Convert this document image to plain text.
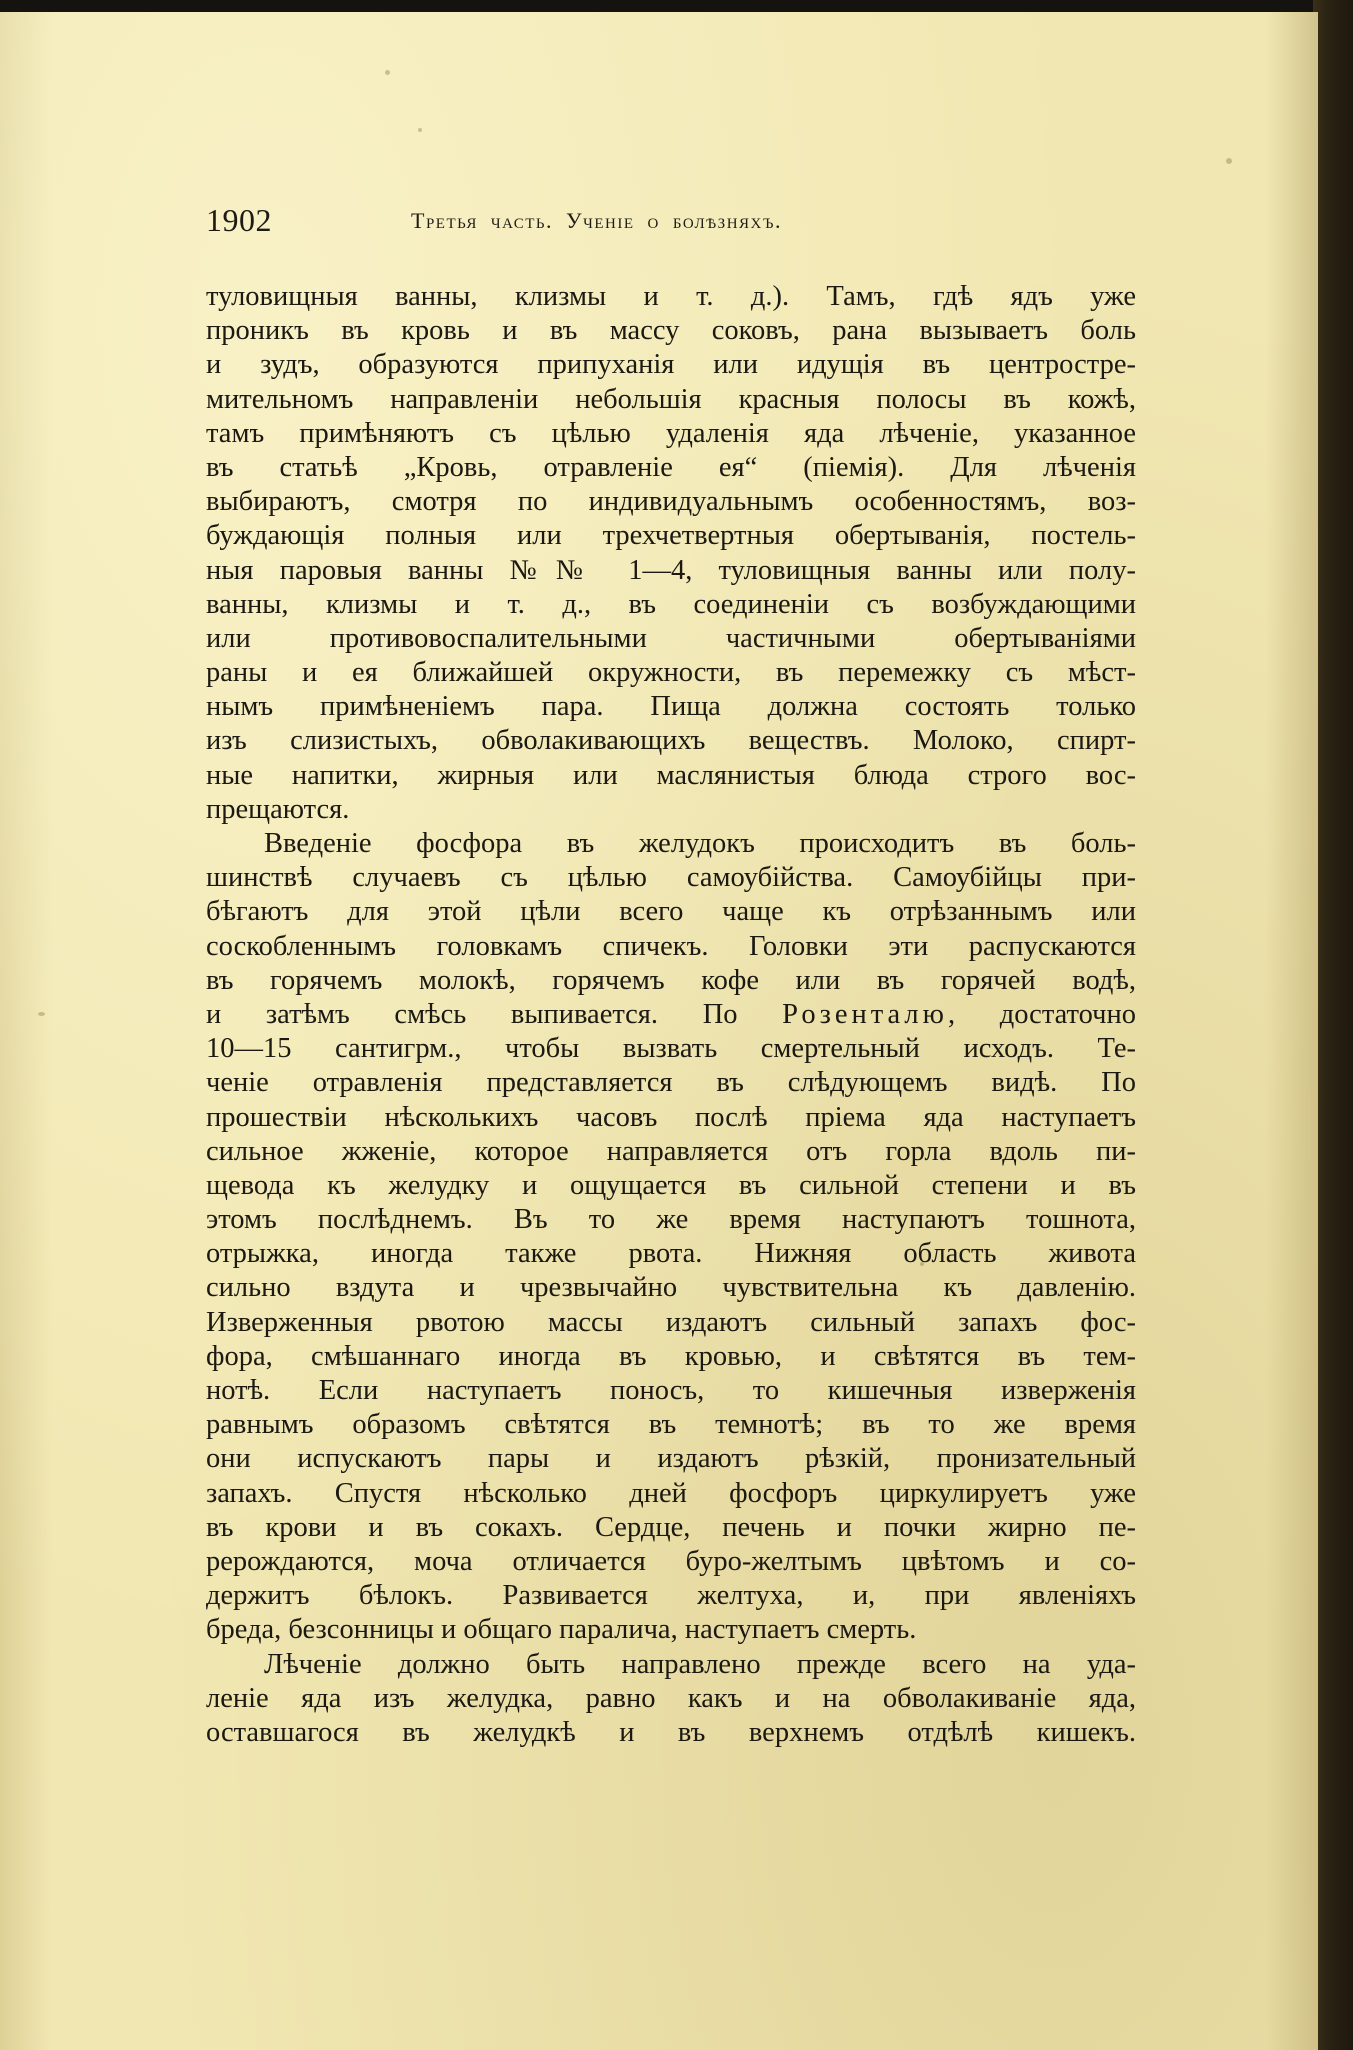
1902	Третья часть. Ученіе о болѣзняхъ.
туловищныя ванны, клизмы и т. д.). Тамъ, гдѣ ядъ уже
проникъ въ кровь и въ массу соковъ, рана вызываетъ боль
и зудъ, образуются припуханія или идущія въ центростре-
мительномъ направленіи небольшія красныя полосы въ кожѣ,
тамъ примѣняютъ съ цѣлью удаленія яда лѣченіе, указанное
въ статьѣ „Кровь, отравленіе ея“ (піемія). Для лѣченія
выбираютъ, смотря по индивидуальнымъ особенностямъ, воз-
буждающія полныя или трехчетвертныя обертыванія, постель-
ныя паровыя ванны №№ 1—4, туловищныя ванны или полу-
ванны, клизмы и т. д., въ соединеніи съ возбуждающими
или противовоспалительными частичными обертываніями
раны и ея ближайшей окружности, въ перемежку съ мѣст-
нымъ примѣненіемъ пара. Пища должна состоять только
изъ слизистыхъ, обволакивающихъ веществъ. Молоко, спирт-
ные напитки, жирныя или маслянистыя блюда строго вос-
прещаются.
Введеніе фосфора въ желудокъ происходитъ въ боль-
шинствѣ случаевъ съ цѣлью самоубійства. Самоубійцы при-
бѣгаютъ для этой цѣли всего чаще къ отрѣзаннымъ или
соскобленнымъ головкамъ спичекъ. Головки эти распускаются
въ горячемъ молокѣ, горячемъ кофе или въ горячей водѣ,
и затѣмъ смѣсь выпивается. По Розенталю, достаточно
10—15 сантигрм., чтобы вызвать смертельный исходъ. Те-
ченіе отравленія представляется въ слѣдующемъ видѣ. По
прошествіи нѣсколькихъ часовъ послѣ пріема яда наступаетъ
сильное жженіе, которое направляется отъ горла вдоль пи-
щевода къ желудку и ощущается въ сильной степени и въ
этомъ послѣднемъ. Въ то же время наступаютъ тошнота,
отрыжка, иногда также рвота. Нижняя область живота
сильно вздута и чрезвычайно чувствительна къ давленію.
Изверженныя рвотою массы издаютъ сильный запахъ фос-
фора, смѣшаннаго иногда въ кровью, и свѣтятся въ тем-
нотѣ. Если наступаетъ поносъ, то кишечныя изверженія
равнымъ образомъ свѣтятся въ темнотѣ; въ то же время
они испускаютъ пары и издаютъ рѣзкій, пронизательный
запахъ. Спустя нѣсколько дней фосфоръ циркулируетъ уже
въ крови и въ сокахъ. Сердце, печень и почки жирно пе-
рерождаются, моча отличается буро-желтымъ цвѣтомъ и со-
держитъ бѣлокъ. Развивается желтуха, и, при явленіяхъ
бреда, безсонницы и общаго паралича, наступаетъ смерть.
Лѣченіе должно быть направлено прежде всего на уда-
леніе яда изъ желудка, равно какъ и на обволакиваніе яда,
оставшагося въ желудкѣ и въ верхнемъ отдѣлѣ кишекъ.
